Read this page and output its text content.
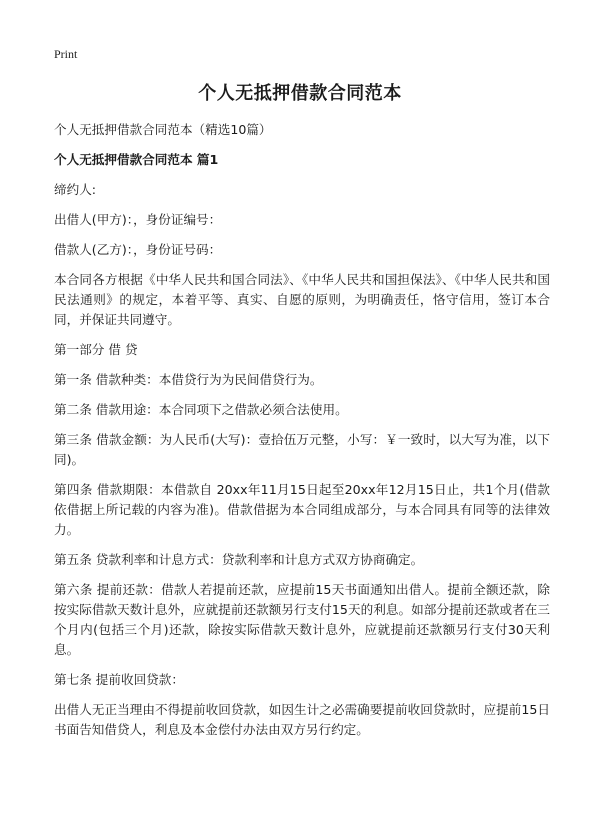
Print
个人无抵押借款合同范本

个人无抵押借款合同范本（精选10篇）

个人无抵押借款合同范本 篇1

缔约人:

出借人(甲方)：，身份证编号：

借款人(乙方)：，身份证号码：

本合同各方根据《中华人民共和国合同法》、《中华人民共和国担保法》、《中华人民共和国民法通则》的规定，本着平等、真实、自愿的原则，为明确责任，恪守信用，签订本合同，并保证共同遵守。

第一部分 借 贷

第一条 借款种类：本借贷行为为民间借贷行为。

第二条 借款用途：本合同项下之借款必须合法使用。

第三条 借款金额：为人民币(大写)：壹拾伍万元整，小写：￥一致时，以大写为准，以下同)。

第四条 借款期限：本借款自 20xx年11月15日起至20xx年12月15日止，共1个月(借款依借据上所记载的内容为准)。借款借据为本合同组成部分，与本合同具有同等的法律效力。

第五条 贷款利率和计息方式：贷款利率和计息方式双方协商确定。

第六条 提前还款：借款人若提前还款，应提前15天书面通知出借人。提前全额还款，除按实际借款天数计息外，应就提前还款额另行支付15天的利息。如部分提前还款或者在三个月内(包括三个月)还款，除按实际借款天数计息外，应就提前还款额另行支付30天利息。

第七条 提前收回贷款：

出借人无正当理由不得提前收回贷款，如因生计之必需确要提前收回贷款时，应提前15日书面告知借贷人，利息及本金偿付办法由双方另行约定。
